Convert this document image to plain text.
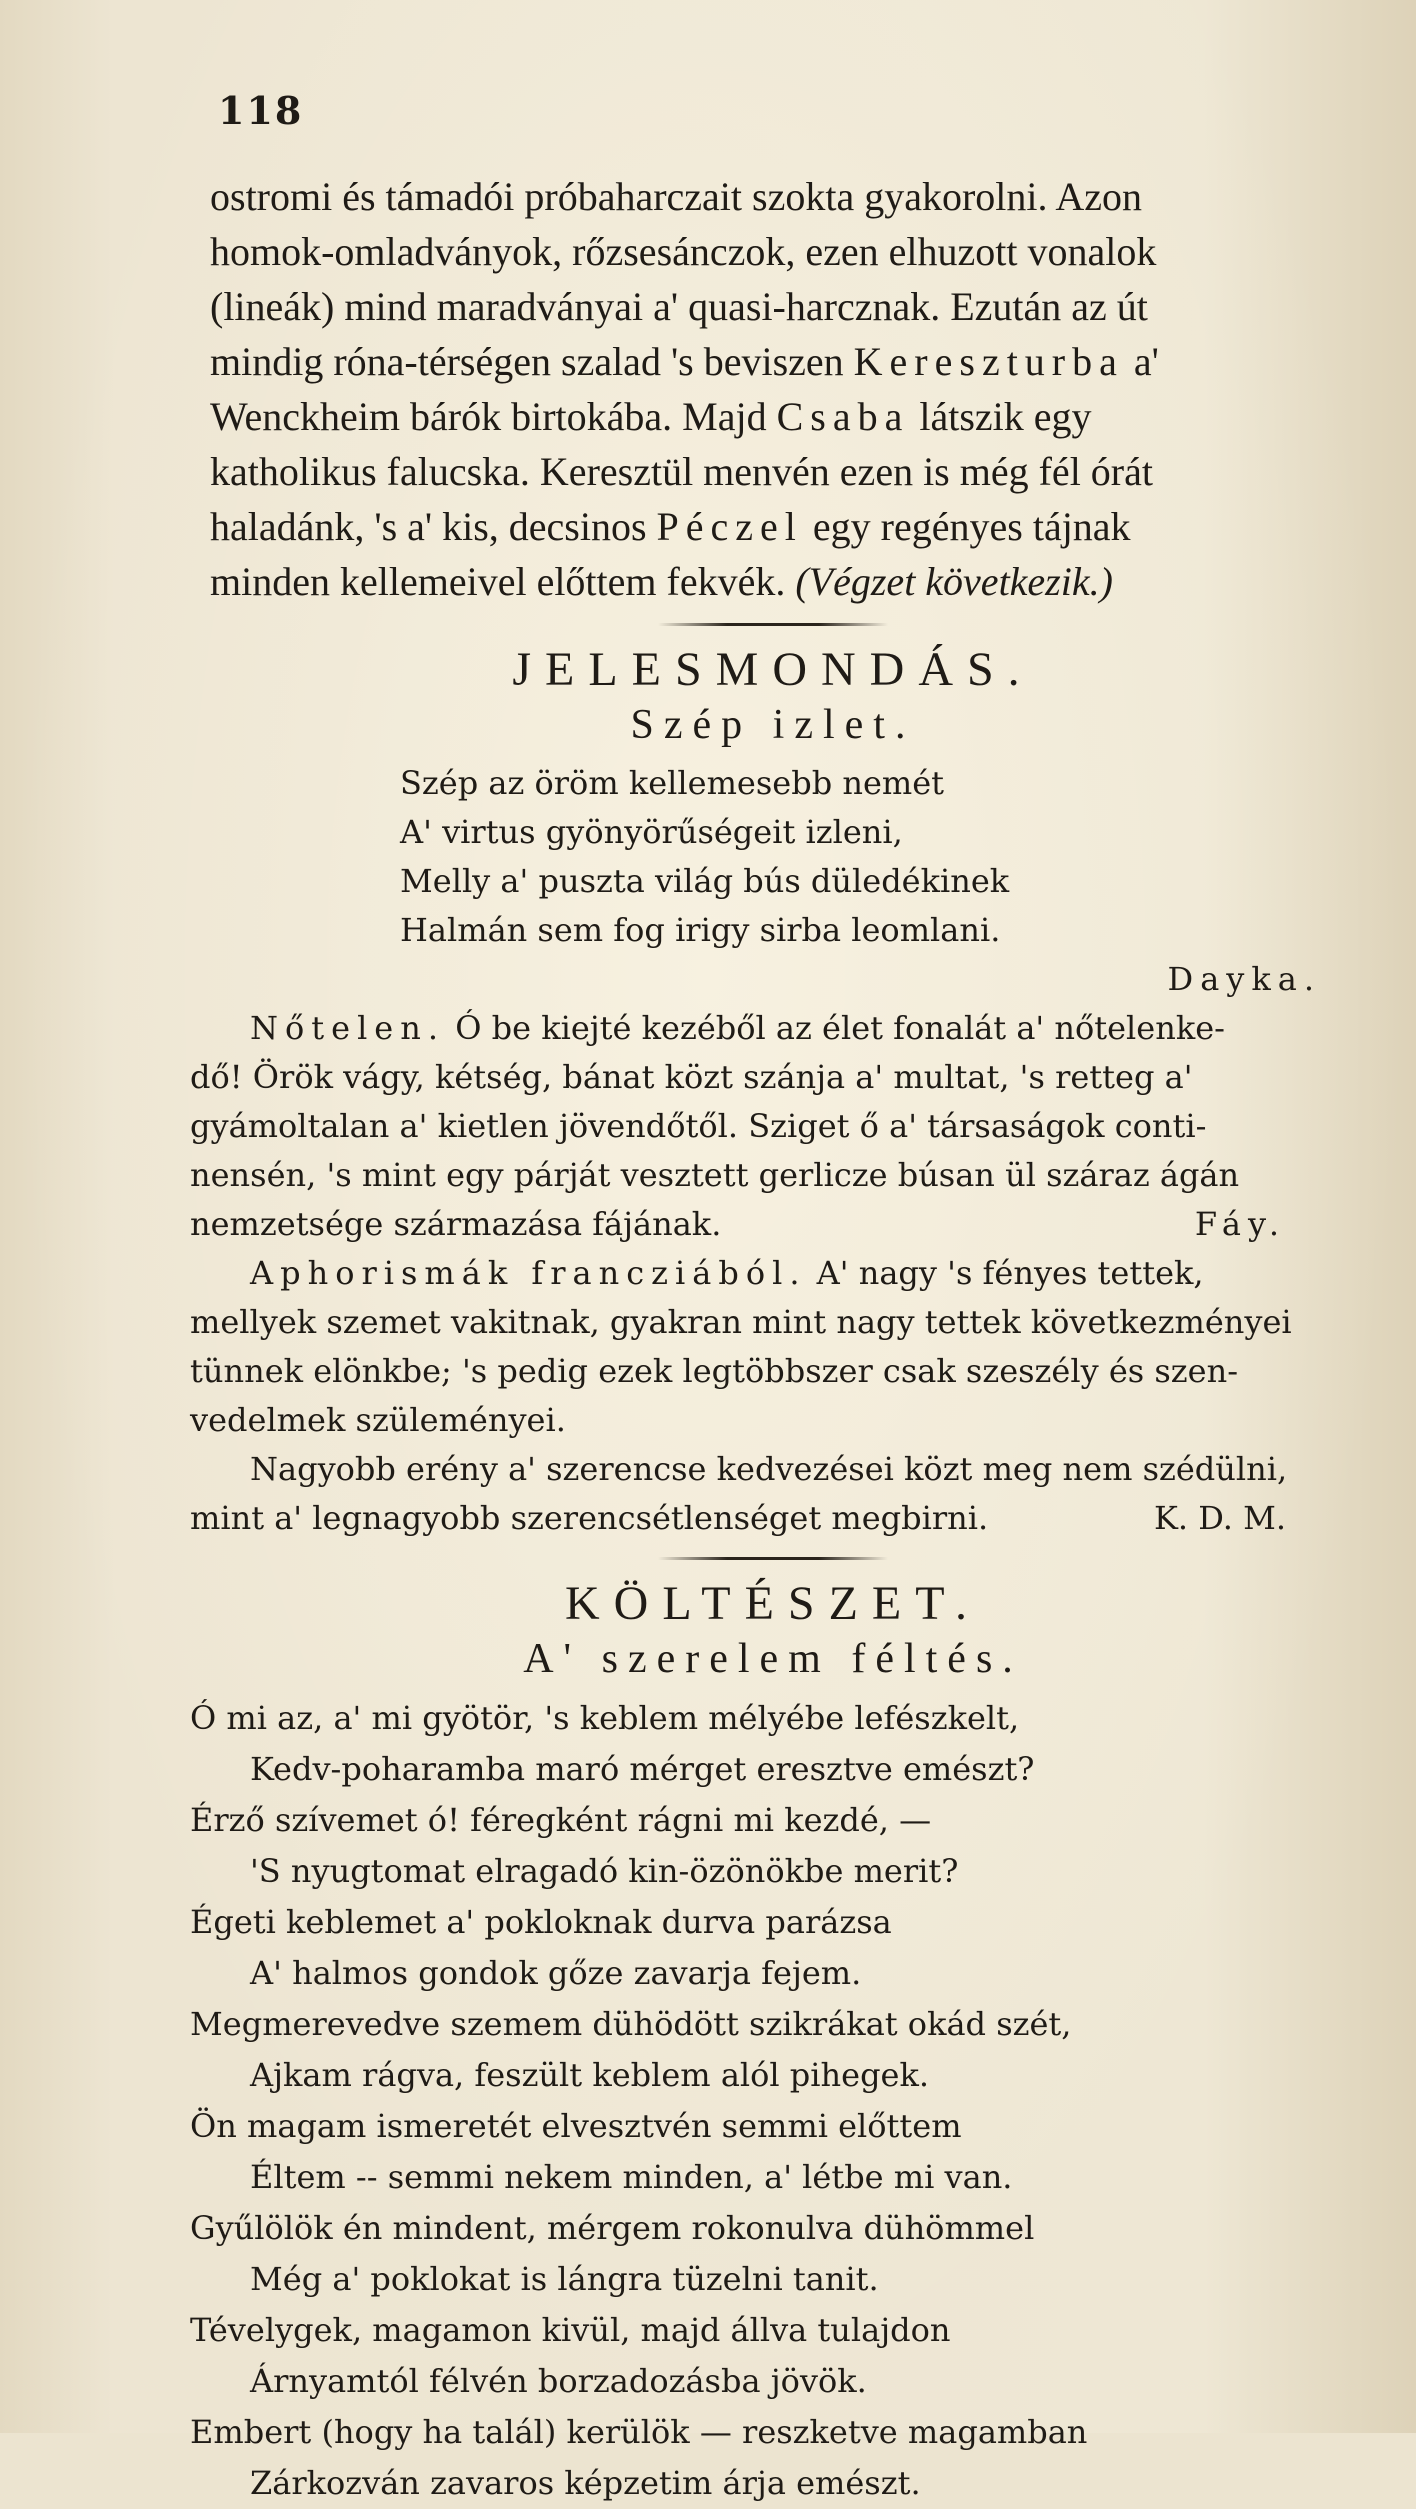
118
ostromi és támadói próbaharczait szokta gyakorolni. Azon
homok-omladványok, rőzsesánczok, ezen elhuzott vonalok
(lineák) mind maradványai a' quasi-harcznak. Ezután az út
mindig róna-térségen szalad 's beviszen Kereszturba a'
Wenckheim bárók birtokába. Majd Csaba látszik egy
katholikus falucska. Keresztül menvén ezen is még fél órát
haladánk, 's a' kis, decsinos Péczel egy regényes tájnak
minden kellemeivel előttem fekvék. (Végzet következik.)
JELESMONDÁS.
Szép izlet.
Szép az öröm kellemesebb nemét
A' virtus gyönyörűségeit izleni,
Melly a' puszta világ bús düledékinek
Halmán sem fog irigy sirba leomlani.
Dayka.
Nőtelen. Ó be kiejté kezéből az élet fonalát a' nőtelenke-
dő! Örök vágy, kétség, bánat közt szánja a' multat, 's retteg a'
gyámoltalan a' kietlen jövendőtől. Sziget ő a' társaságok conti-
nensén, 's mint egy párját vesztett gerlicze búsan ül száraz ágán
nemzetsége származása fájának.	Fáy.
Aphorismák francziából. A' nagy 's fényes tettek,
mellyek szemet vakitnak, gyakran mint nagy tettek következményei
tünnek elönkbe; 's pedig ezek legtöbbszer csak szeszély és szen-
vedelmek szüleményei.
Nagyobb erény a' szerencse kedvezései közt meg nem szédülni,
mint a' legnagyobb szerencsétlenséget megbirni.	K. D. M.
KÖLTÉSZET.
A' szerelem féltés.
Ó mi az, a' mi gyötör, 's keblem mélyébe lefészkelt,
Kedv-poharamba maró mérget eresztve emészt?
Érző szívemet ó! féregként rágni mi kezdé, —
'S nyugtomat elragadó kin-özönökbe merit?
Égeti keblemet a' pokloknak durva parázsa
A' halmos gondok gőze zavarja fejem.
Megmerevedve szemem dühödött szikrákat okád szét,
Ajkam rágva, feszült keblem alól pihegek.
Ön magam ismeretét elvesztvén semmi előttem
Éltem -- semmi nekem minden, a' létbe mi van.
Gyűlölök én mindent, mérgem rokonulva dühömmel
Még a' poklokat is lángra tüzelni tanit.
Tévelygek, magamon kivül, majd állva tulajdon
Árnyamtól félvén borzadozásba jövök.
Embert (hogy ha talál) kerülök — reszketve magamban
Zárkozván zavaros képzetim árja emészt.
